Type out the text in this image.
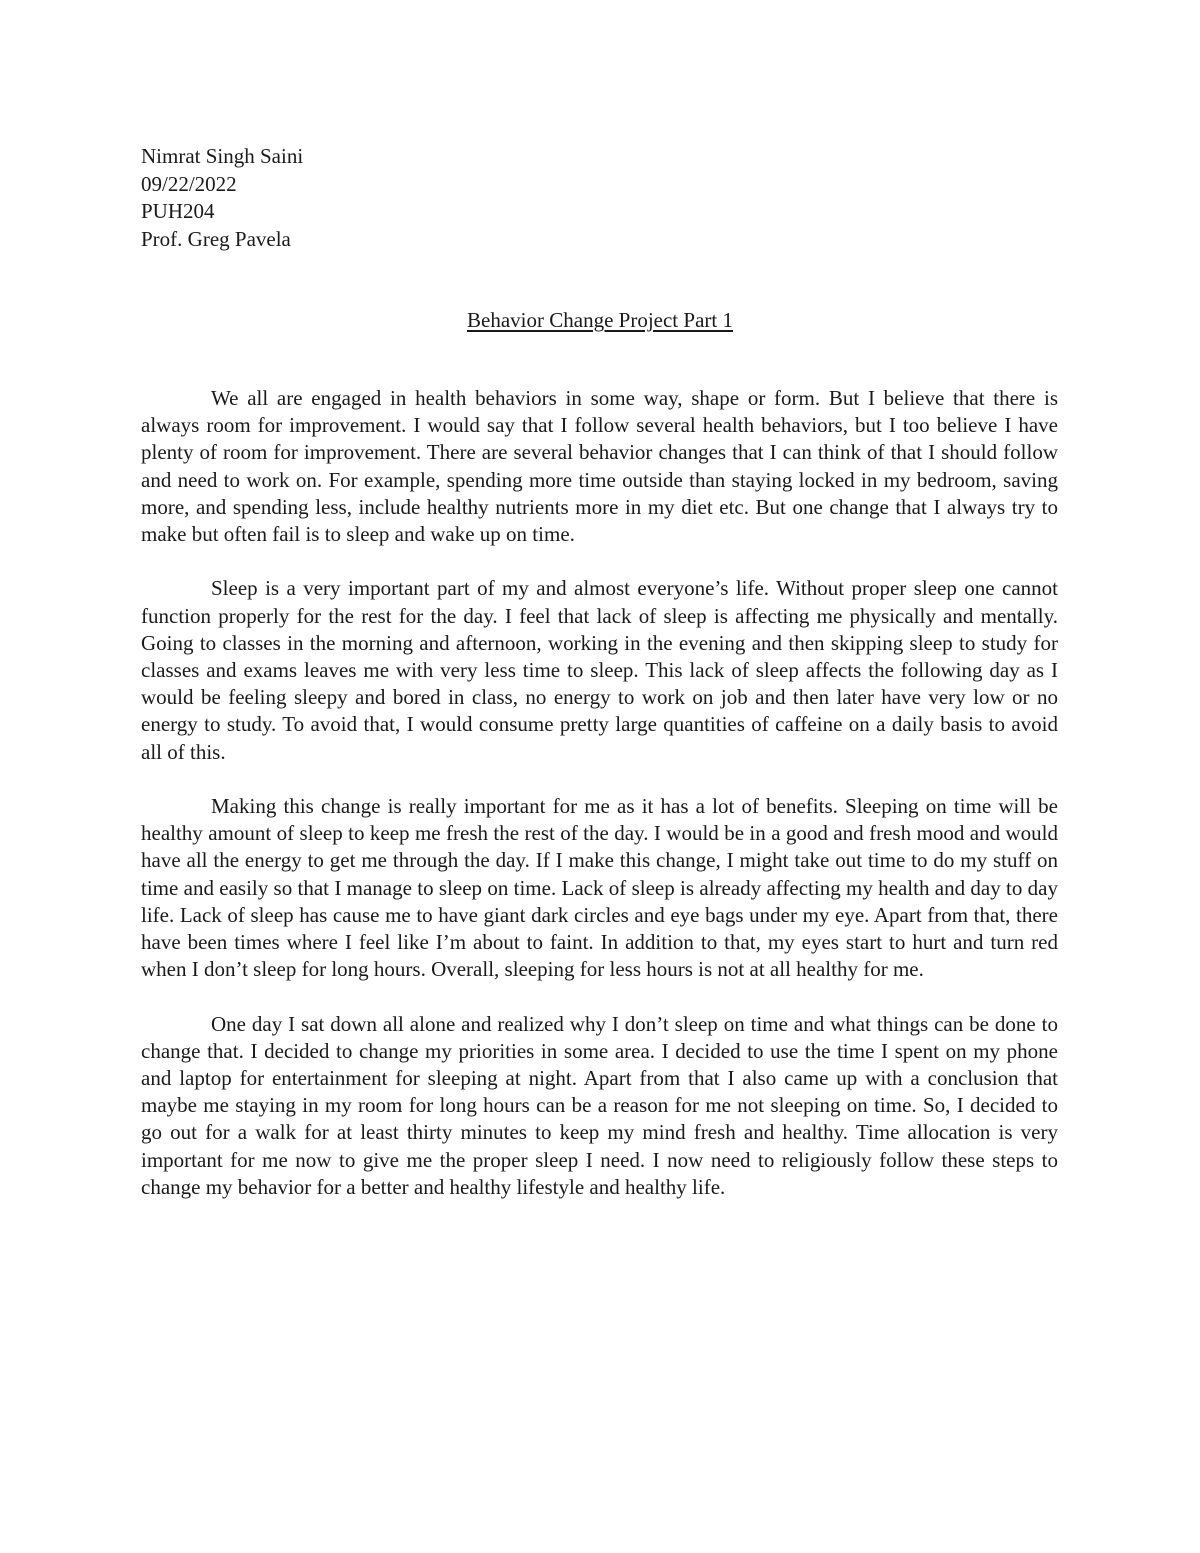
Nimrat Singh Saini
09/22/2022
PUH204
Prof. Greg Pavela
Behavior Change Project Part 1

We all are engaged in health behaviors in some way, shape or form. But I believe that there is always room for improvement. I would say that I follow several health behaviors, but I too believe I have plenty of room for improvement. There are several behavior changes that I can think of that I should follow and need to work on. For example, spending more time outside than staying locked in my bedroom, saving more, and spending less, include healthy nutrients more in my diet etc. But one change that I always try to make but often fail is to sleep and wake up on time.

Sleep is a very important part of my and almost everyone’s life. Without proper sleep one cannot function properly for the rest for the day. I feel that lack of sleep is affecting me physically and mentally. Going to classes in the morning and afternoon, working in the evening and then skipping sleep to study for classes and exams leaves me with very less time to sleep. This lack of sleep affects the following day as I would be feeling sleepy and bored in class, no energy to work on job and then later have very low or no energy to study. To avoid that, I would consume pretty large quantities of caffeine on a daily basis to avoid all of this.

Making this change is really important for me as it has a lot of benefits. Sleeping on time will be healthy amount of sleep to keep me fresh the rest of the day. I would be in a good and fresh mood and would have all the energy to get me through the day. If I make this change, I might take out time to do my stuff on time and easily so that I manage to sleep on time. Lack of sleep is already affecting my health and day to day life. Lack of sleep has cause me to have giant dark circles and eye bags under my eye. Apart from that, there have been times where I feel like I’m about to faint. In addition to that, my eyes start to hurt and turn red when I don’t sleep for long hours. Overall, sleeping for less hours is not at all healthy for me.

One day I sat down all alone and realized why I don’t sleep on time and what things can be done to change that. I decided to change my priorities in some area. I decided to use the time I spent on my phone and laptop for entertainment for sleeping at night. Apart from that I also came up with a conclusion that maybe me staying in my room for long hours can be a reason for me not sleeping on time. So, I decided to go out for a walk for at least thirty minutes to keep my mind fresh and healthy. Time allocation is very important for me now to give me the proper sleep I need. I now need to religiously follow these steps to change my behavior for a better and healthy lifestyle and healthy life.
